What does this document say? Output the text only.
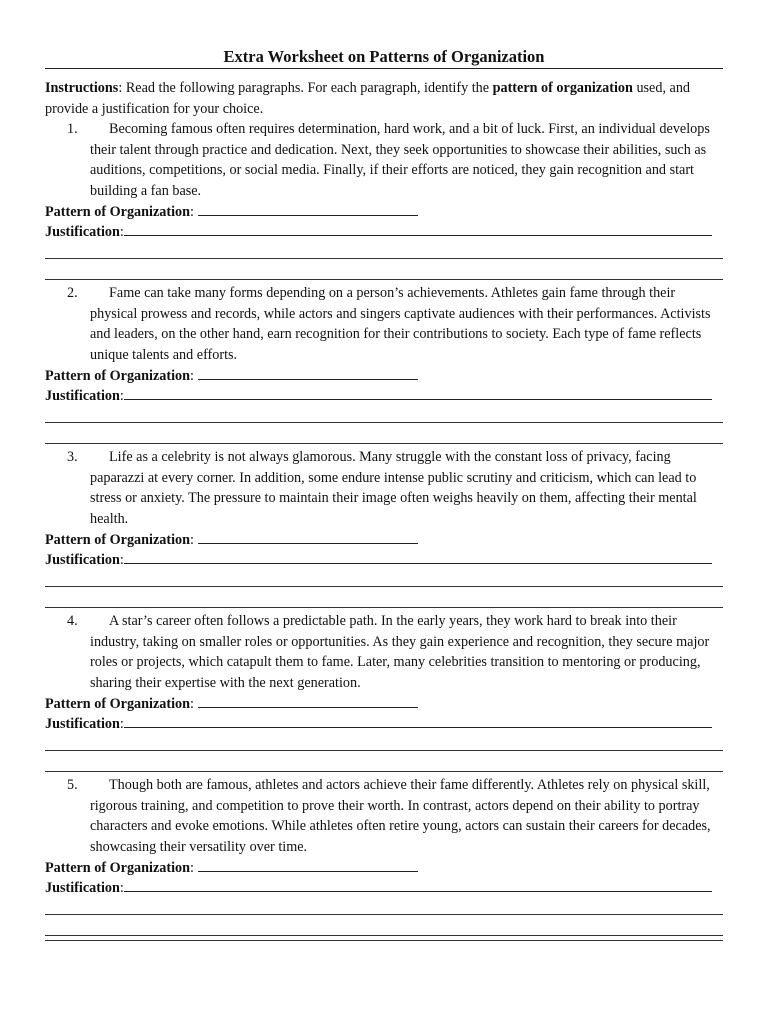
Extra Worksheet on Patterns of Organization
Instructions: Read the following paragraphs. For each paragraph, identify the pattern of organization used, and provide a justification for your choice.
1. Becoming famous often requires determination, hard work, and a bit of luck. First, an individual develops their talent through practice and dedication. Next, they seek opportunities to showcase their abilities, such as auditions, competitions, or social media. Finally, if their efforts are noticed, they gain recognition and start building a fan base.
Pattern of Organization:
Justification:
2. Fame can take many forms depending on a person’s achievements. Athletes gain fame through their physical prowess and records, while actors and singers captivate audiences with their performances. Activists and leaders, on the other hand, earn recognition for their contributions to society. Each type of fame reflects unique talents and efforts.
Pattern of Organization:
Justification:
3. Life as a celebrity is not always glamorous. Many struggle with the constant loss of privacy, facing paparazzi at every corner. In addition, some endure intense public scrutiny and criticism, which can lead to stress or anxiety. The pressure to maintain their image often weighs heavily on them, affecting their mental health.
Pattern of Organization:
Justification:
4. A star’s career often follows a predictable path. In the early years, they work hard to break into their industry, taking on smaller roles or opportunities. As they gain experience and recognition, they secure major roles or projects, which catapult them to fame. Later, many celebrities transition to mentoring or producing, sharing their expertise with the next generation.
Pattern of Organization:
Justification:
5. Though both are famous, athletes and actors achieve their fame differently. Athletes rely on physical skill, rigorous training, and competition to prove their worth. In contrast, actors depend on their ability to portray characters and evoke emotions. While athletes often retire young, actors can sustain their careers for decades, showcasing their versatility over time.
Pattern of Organization:
Justification:
